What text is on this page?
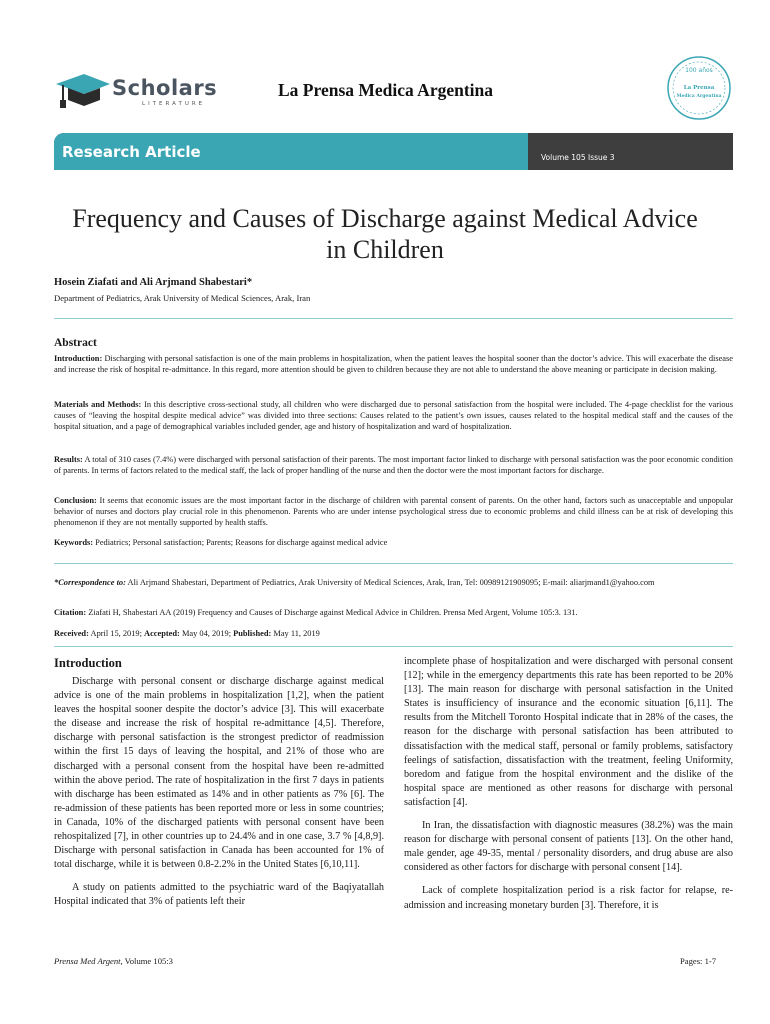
Scholars
LITERATURE
La Prensa Medica Argentina
100 años
La Prensa
Medica Argentina
Research Article	Volume 105 Issue 3
Frequency and Causes of Discharge against Medical Advice in Children
Hosein Ziafati and Ali Arjmand Shabestari*
Department of Pediatrics, Arak University of Medical Sciences, Arak, Iran
Abstract
Introduction: Discharging with personal satisfaction is one of the main problems in hospitalization, when the patient leaves the hospital sooner than the doctor’s advice. This will exacerbate the disease and increase the risk of hospital re-admittance. In this regard, more attention should be given to children because they are not able to understand the above meaning or participate in decision making.
Materials and Methods: In this descriptive cross-sectional study, all children who were discharged due to personal satisfaction from the hospital were included. The 4-page checklist for the various causes of “leaving the hospital despite medical advice” was divided into three sections: Causes related to the patient’s own issues, causes related to the hospital medical staff and the causes of the hospital situation, and a page of demographical variables included gender, age and history of hospitalization and ward of hospitalization.
Results: A total of 310 cases (7.4%) were discharged with personal satisfaction of their parents. The most important factor linked to discharge with personal satisfaction was the poor economic condition of parents. In terms of factors related to the medical staff, the lack of proper handling of the nurse and then the doctor were the most important factors for discharge.
Conclusion: It seems that economic issues are the most important factor in the discharge of children with parental consent of parents. On the other hand, factors such as unacceptable and unpopular behavior of nurses and doctors play crucial role in this phenomenon. Parents who are under intense psychological stress due to economic problems and child illness can be at risk of developing this phenomenon if they are not mentally supported by health staffs.
Keywords: Pediatrics; Personal satisfaction; Parents; Reasons for discharge against medical advice
*Correspondence to: Ali Arjmand Shabestari, Department of Pediatrics, Arak University of Medical Sciences, Arak, Iran, Tel: 00989121909095; E-mail: aliarjmand1@yahoo.com
Citation: Ziafati H, Shabestari AA (2019) Frequency and Causes of Discharge against Medical Advice in Children. Prensa Med Argent, Volume 105:3. 131.
Received: April 15, 2019; Accepted: May 04, 2019; Published: May 11, 2019
Introduction

Discharge with personal consent or discharge discharge against medical advice is one of the main problems in hospitalization [1,2], when the patient leaves the hospital sooner despite the doctor’s advice [3]. This will exacerbate the disease and increase the risk of hospital re-admittance [4,5]. Therefore, discharge with personal satisfaction is the strongest predictor of readmission within the first 15 days of leaving the hospital, and 21% of those who are discharged with a personal consent from the hospital have been re-admitted within the above period. The rate of hospitalization in the first 7 days in patients with discharge has been estimated as 14% and in other patients as 7% [6]. The re-admission of these patients has been reported more or less in some countries; in Canada, 10% of the discharged patients with personal consent have been rehospitalized [7], in other countries up to 24.4% and in one case, 3.7 % [4,8,9]. Discharge with personal satisfaction in Canada has been accounted for 1% of total discharge, while it is between 0.8-2.2% in the United States [6,10,11].

A study on patients admitted to the psychiatric ward of the Baqiyatallah Hospital indicated that 3% of patients left their

incomplete phase of hospitalization and were discharged with personal consent [12]; while in the emergency departments this rate has been reported to be 20% [13]. The main reason for discharge with personal satisfaction in the United States is insufficiency of insurance and the economic situation [6,11]. The results from the Mitchell Toronto Hospital indicate that in 28% of the cases, the reason for the discharge with personal satisfaction has been attributed to dissatisfaction with the medical staff, personal or family problems, satisfactory feelings of satisfaction, dissatisfaction with the treatment, feeling Uniformity, boredom and fatigue from the hospital environment and the dislike of the hospital space are mentioned as other reasons for discharge with personal satisfaction [4].

In Iran, the dissatisfaction with diagnostic measures (38.2%) was the main reason for discharge with personal consent of patients [13]. On the other hand, male gender, age 49-35, mental / personality disorders, and drug abuse are also considered as other factors for discharge with personal consent [14].

Lack of complete hospitalization period is a risk factor for relapse, re-admission and increasing monetary burden [3]. Therefore, it is

Prensa Med Argent, Volume 105:3	Pages: 1-7
